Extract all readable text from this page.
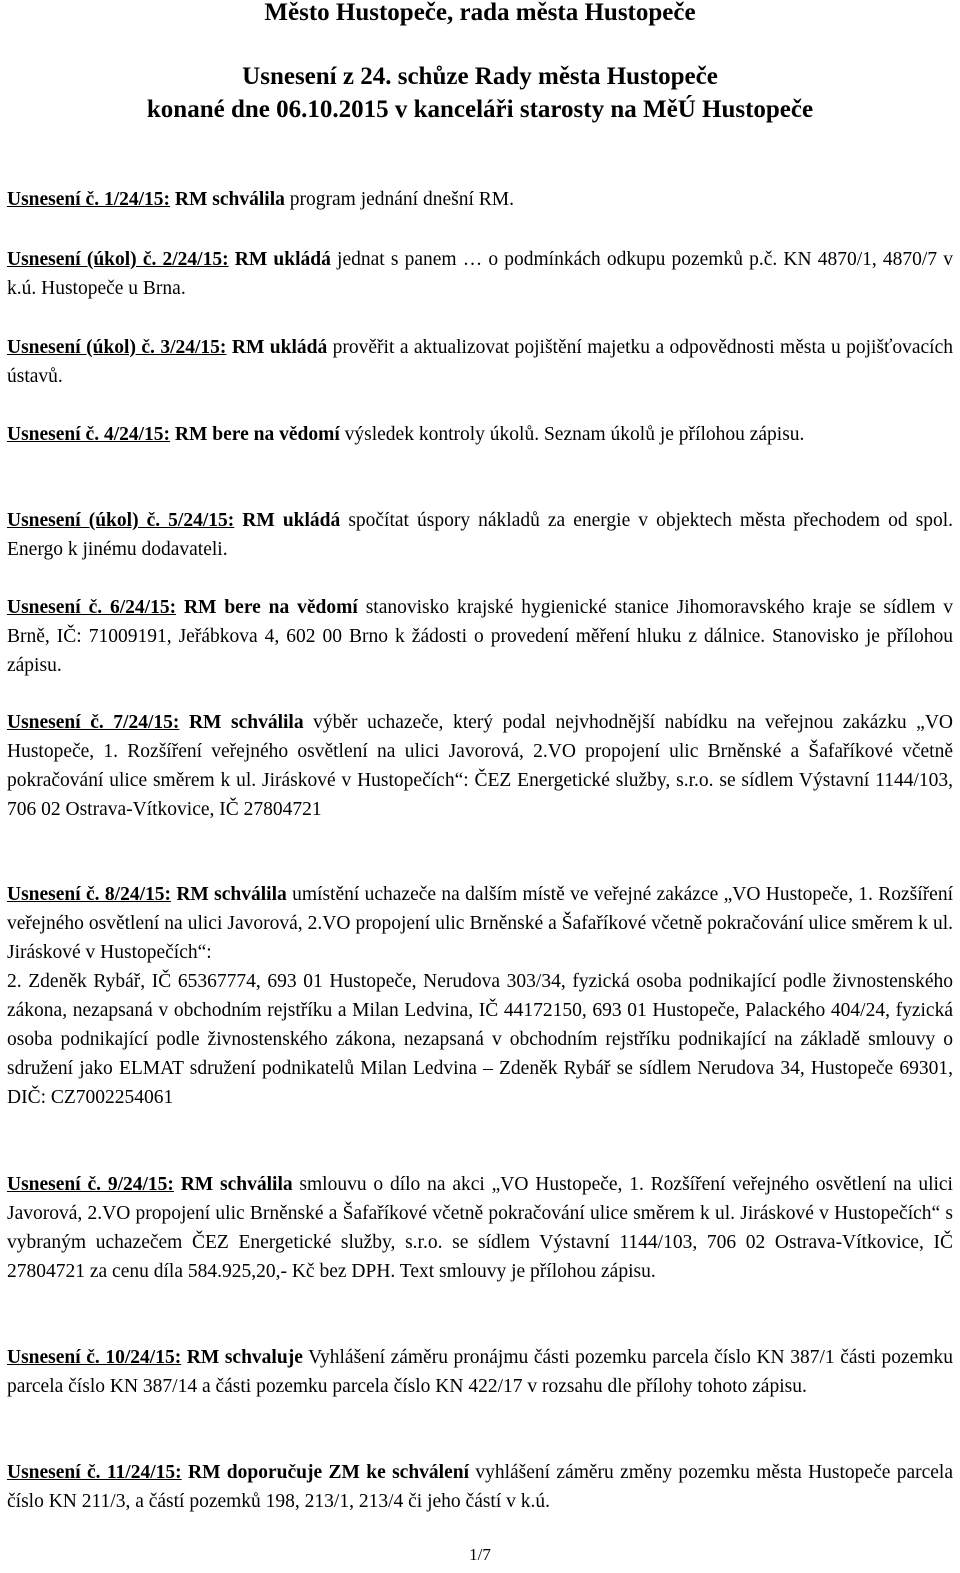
Město Hustopeče, rada města Hustopeče
Usnesení z 24. schůze Rady města Hustopeče
konané dne 06.10.2015 v kanceláři starosty na MěÚ Hustopeče
Usnesení č. 1/24/15: RM schválila program jednání dnešní RM.
Usnesení (úkol) č. 2/24/15: RM ukládá jednat s panem … o podmínkách odkupu pozemků p.č. KN 4870/1, 4870/7 v k.ú. Hustopeče u Brna.
Usnesení (úkol) č. 3/24/15: RM ukládá prověřit a aktualizovat pojištění majetku a odpovědnosti města u pojišťovacích ústavů.
Usnesení č. 4/24/15: RM bere na vědomí výsledek kontroly úkolů. Seznam úkolů je přílohou zápisu.
Usnesení (úkol) č. 5/24/15: RM ukládá spočítat úspory nákladů za energie v objektech města přechodem od spol. Energo k jinému dodavateli.
Usnesení č. 6/24/15: RM bere na vědomí stanovisko krajské hygienické stanice Jihomoravského kraje se sídlem v Brně, IČ: 71009191, Jeřábkova 4, 602 00 Brno k žádosti o provedení měření hluku z dálnice. Stanovisko je přílohou zápisu.
Usnesení č. 7/24/15: RM schválila výběr uchazeče, který podal nejvhodnější nabídku na veřejnou zakázku „VO Hustopeče, 1. Rozšíření veřejného osvětlení na ulici Javorová, 2.VO propojení ulic Brněnské a Šafaříkové včetně pokračování ulice směrem k ul. Jiráskové v Hustopečích“: ČEZ Energetické služby, s.r.o. se sídlem Výstavní 1144/103, 706 02 Ostrava-Vítkovice, IČ 27804721
Usnesení č. 8/24/15: RM schválila umístění uchazeče na dalším místě ve veřejné zakázce „VO Hustopeče, 1. Rozšíření veřejného osvětlení na ulici Javorová, 2.VO propojení ulic Brněnské a Šafaříkové včetně pokračování ulice směrem k ul. Jiráskové v Hustopečích“:
2. Zdeněk Rybář, IČ 65367774, 693 01 Hustopeče, Nerudova 303/34, fyzická osoba podnikající podle živnostenského zákona, nezapsaná v obchodním rejstříku a Milan Ledvina, IČ 44172150, 693 01 Hustopeče, Palackého 404/24, fyzická osoba podnikající podle živnostenského zákona, nezapsaná v obchodním rejstříku podnikající na základě smlouvy o sdružení jako ELMAT sdružení podnikatelů Milan Ledvina – Zdeněk Rybář se sídlem Nerudova 34, Hustopeče 69301, DIČ: CZ7002254061
Usnesení č. 9/24/15: RM schválila smlouvu o dílo na akci „VO Hustopeče, 1. Rozšíření veřejného osvětlení na ulici Javorová, 2.VO propojení ulic Brněnské a Šafaříkové včetně pokračování ulice směrem k ul. Jiráskové v Hustopečích“ s vybraným uchazečem ČEZ Energetické služby, s.r.o. se sídlem Výstavní 1144/103, 706 02 Ostrava-Vítkovice, IČ 27804721 za cenu díla 584.925,20,- Kč bez DPH. Text smlouvy je přílohou zápisu.
Usnesení č. 10/24/15: RM schvaluje Vyhlášení záměru pronájmu části pozemku parcela číslo KN 387/1 části pozemku parcela číslo KN 387/14 a části pozemku parcela číslo KN 422/17 v rozsahu dle přílohy tohoto zápisu.
Usnesení č. 11/24/15: RM doporučuje ZM ke schválení vyhlášení záměru změny pozemku města Hustopeče parcela číslo KN 211/3, a částí pozemků 198, 213/1, 213/4 či jeho částí v k.ú.
1/7
